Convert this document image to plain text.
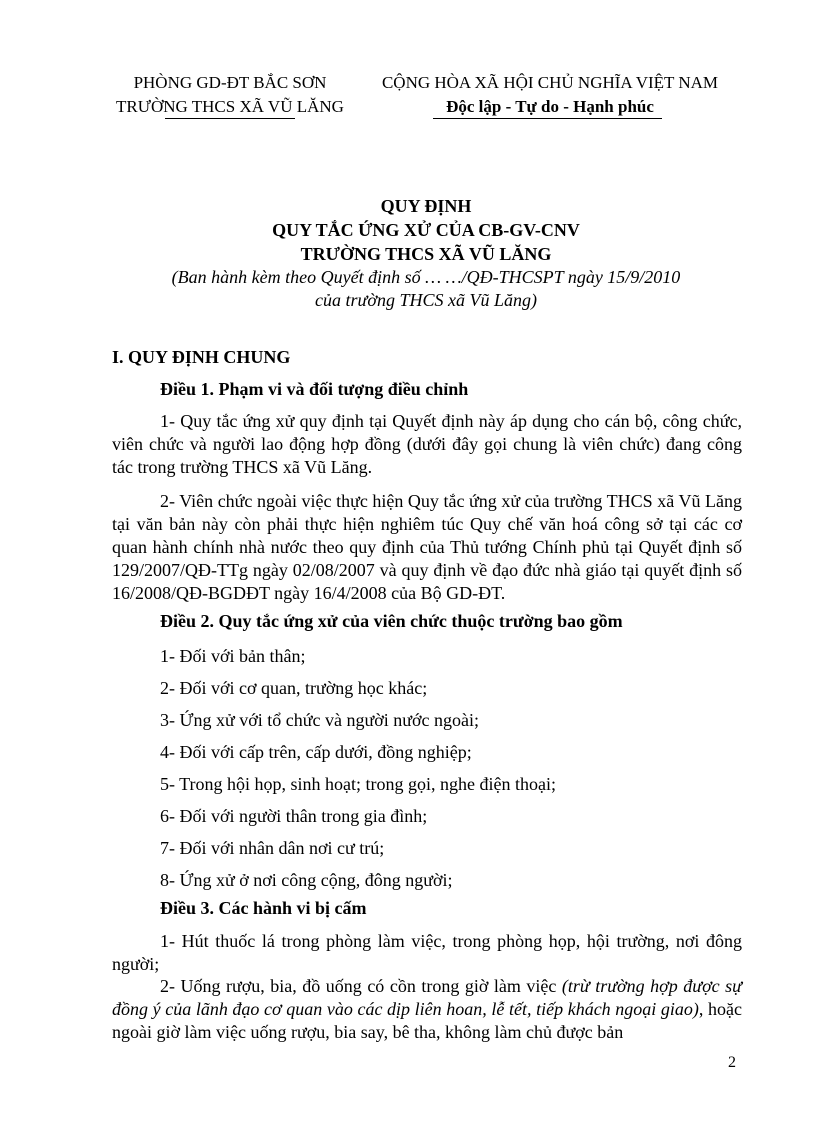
PHÒNG GD-ĐT BẮC SƠN
TRƯỜNG THCS XÃ VŨ LĂNG
CỘNG HÒA XÃ HỘI CHỦ NGHĨA VIỆT NAM
Độc lập - Tự do - Hạnh phúc
QUY ĐỊNH
QUY TẮC ỨNG XỬ CỦA CB-GV-CNV
TRƯỜNG THCS XÃ VŨ LĂNG
(Ban hành kèm theo Quyết định số … …/QĐ-THCSPT ngày 15/9/2010
của trường THCS xã Vũ Lăng)
I. QUY ĐỊNH CHUNG
Điều 1. Phạm vi và đối tượng điều chỉnh
1- Quy tắc ứng xử quy định tại Quyết định này áp dụng cho cán bộ, công chức, viên chức và người lao động hợp đồng (dưới đây gọi chung là viên chức) đang công tác trong trường THCS xã Vũ Lăng.
2- Viên chức ngoài việc thực hiện Quy tắc ứng xử của trường THCS xã Vũ Lăng tại văn bản này còn phải thực hiện nghiêm túc Quy chế văn hoá công sở tại các cơ quan hành chính nhà nước theo quy định của Thủ tướng Chính phủ tại Quyết định số 129/2007/QĐ-TTg ngày 02/08/2007 và quy định về đạo đức nhà giáo tại quyết định số 16/2008/QĐ-BGDĐT ngày 16/4/2008 của Bộ GD-ĐT.
Điều 2. Quy tắc ứng xử của viên chức thuộc trường bao gồm
1- Đối với bản thân;
2- Đối với cơ quan, trường học khác;
3- Ứng xử với tổ chức và người nước ngoài;
4- Đối với cấp trên, cấp dưới, đồng nghiệp;
5- Trong hội họp, sinh hoạt; trong gọi, nghe điện thoại;
6- Đối với người thân trong gia đình;
7- Đối với nhân dân nơi cư trú;
8- Ứng xử ở nơi công cộng, đông người;
Điều 3. Các hành vi bị cấm
1- Hút thuốc lá trong phòng làm việc, trong phòng họp, hội trường, nơi đông người;
2- Uống rượu, bia, đồ uống có cồn trong giờ làm việc (trừ trường hợp được sự đồng ý của lãnh đạo cơ quan vào các dịp liên hoan, lễ tết, tiếp khách ngoại giao), hoặc ngoài giờ làm việc uống rượu, bia say, bê tha, không làm chủ được bản
2
